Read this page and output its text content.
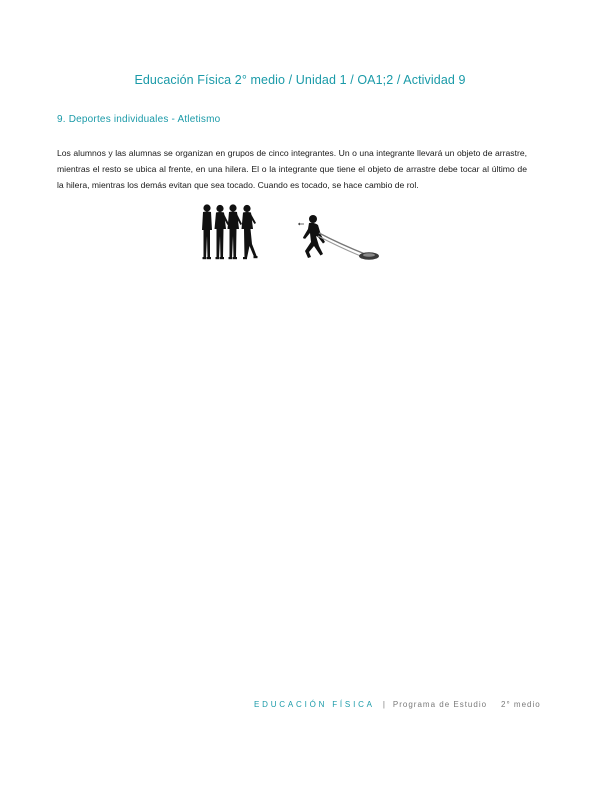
Educación Física 2° medio / Unidad 1 / OA1;2 / Actividad 9
9. Deportes individuales - Atletismo

Los alumnos y las alumnas se organizan en grupos de cinco integrantes. Un o una integrante llevará un objeto de arrastre, mientras el resto se ubica al frente, en una hilera. El o la integrante que tiene el objeto de arrastre debe tocar al último de la hilera, mientras los demás evitan que sea tocado. Cuando es tocado, se hace cambio de rol.

EDUCACIÓN FÍSICA | Programa de Estudio 2° medio
